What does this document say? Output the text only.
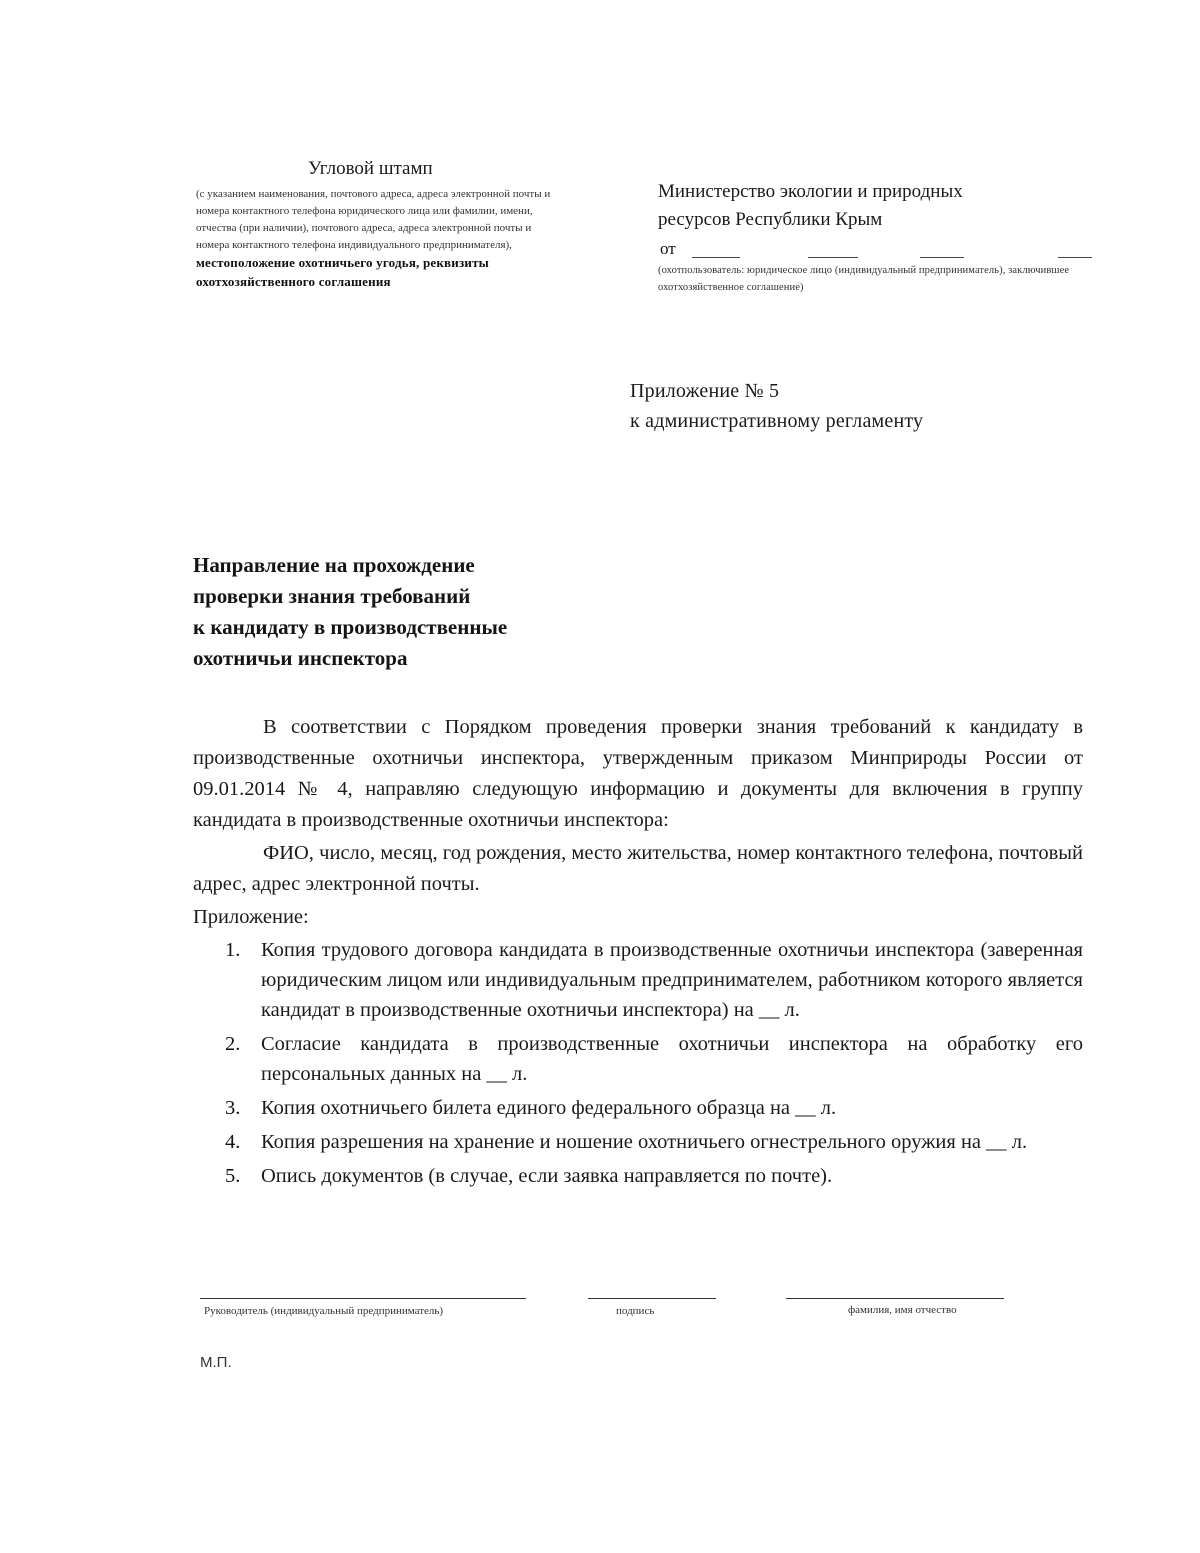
Угловой штамп
(с указанием наименования, почтового адреса, адреса электронной почты и номера контактного телефона юридического лица или фамилии, имени, отчества (при наличии), почтового адреса, адреса электронной почты и номера контактного телефона индивидуального предпринимателя), местоположение охотничьего угодья, реквизиты охотхозяйственного соглашения
Министерство экологии и природных
ресурсов Республики Крым
от
(охотпользователь: юридическое лицо (индивидуальный предприниматель), заключившее охотхозяйственное соглашение)
Приложение № 5
к административному регламенту
Направление на прохождение
проверки знания требований
к кандидату в производственные
охотничьи инспектора
В соответствии с Порядком проведения проверки знания требований к кандидату в производственные охотничьи инспектора, утвержденным приказом Минприроды России от 09.01.2014 № 4, направляю следующую информацию и документы для включения в группу кандидата в производственные охотничьи инспектора:
ФИО, число, месяц, год рождения, место жительства, номер контактного телефона, почтовый адрес, адрес электронной почты.
Приложение:
1. Копия трудового договора кандидата в производственные охотничьи инспектора (заверенная юридическим лицом или индивидуальным предпринимателем, работником которого является кандидат в производственные охотничьи инспектора) на __ л.
2. Согласие кандидата в производственные охотничьи инспектора на обработку его персональных данных на __ л.
3. Копия охотничьего билета единого федерального образца на __ л.
4. Копия разрешения на хранение и ношение охотничьего огнестрельного оружия на __ л.
5. Опись документов (в случае, если заявка направляется по почте).
Руководитель (индивидуальный предприниматель)	подпись	фамилия, имя отчество
М.П.
